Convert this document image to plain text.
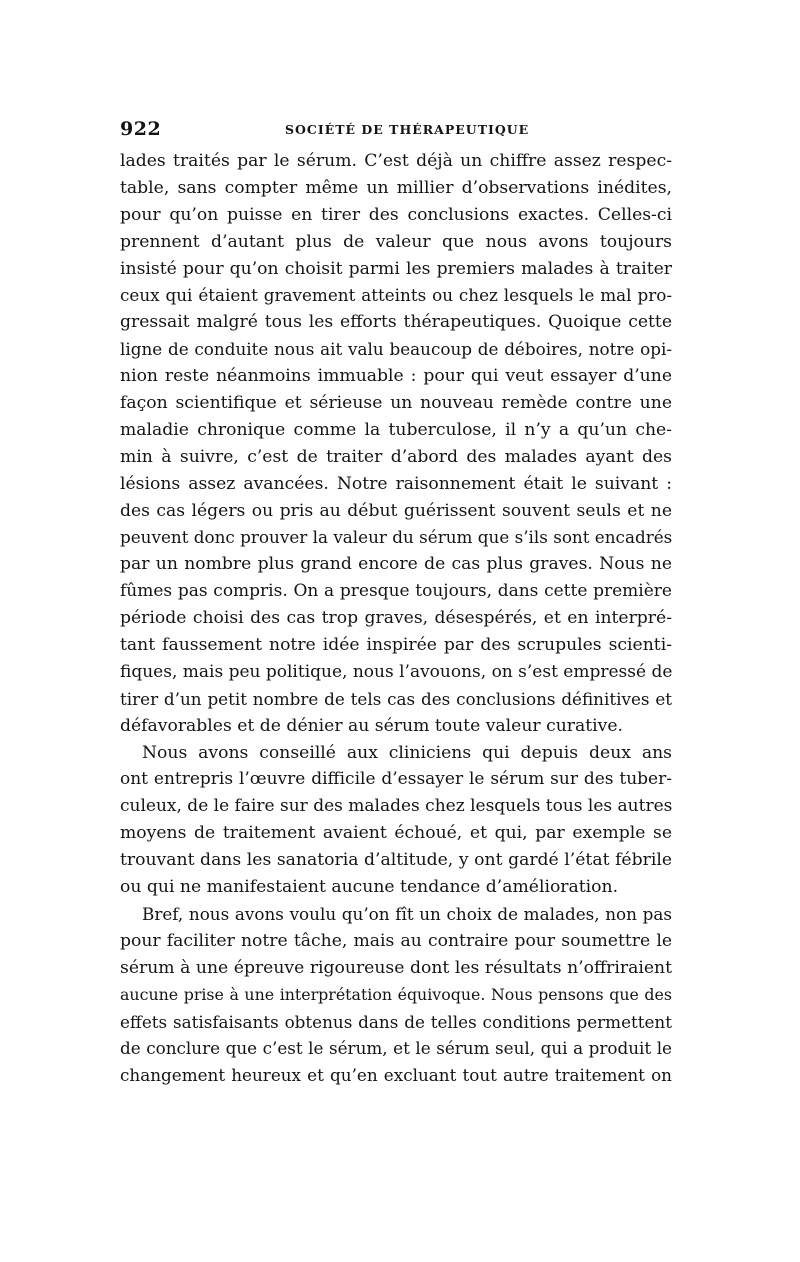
922	SOCIÉTÉ DE THÉRAPEUTIQUE
lades traités par le sérum. C’est déjà un chiffre assez respec-
table, sans compter même un millier d’observations inédites,
pour qu’on puisse en tirer des conclusions exactes. Celles-ci
prennent d’autant plus de valeur que nous avons toujours
insisté pour qu’on choisit parmi les premiers malades à traiter
ceux qui étaient gravement atteints ou chez lesquels le mal pro-
gressait malgré tous les efforts thérapeutiques. Quoique cette
ligne de conduite nous ait valu beaucoup de déboires, notre opi-
nion reste néanmoins immuable : pour qui veut essayer d’une
façon scientifique et sérieuse un nouveau remède contre une
maladie chronique comme la tuberculose, il n’y a qu’un che-
min à suivre, c’est de traiter d’abord des malades ayant des
lésions assez avancées. Notre raisonnement était le suivant :
des cas légers ou pris au début guérissent souvent seuls et ne
peuvent donc prouver la valeur du sérum que s’ils sont encadrés
par un nombre plus grand encore de cas plus graves. Nous ne
fûmes pas compris. On a presque toujours, dans cette première
période choisi des cas trop graves, désespérés, et en interpré-
tant faussement notre idée inspirée par des scrupules scienti-
fiques, mais peu politique, nous l’avouons, on s’est empressé de
tirer d’un petit nombre de tels cas des conclusions définitives et
défavorables et de dénier au sérum toute valeur curative.
Nous avons conseillé aux cliniciens qui depuis deux ans
ont entrepris l’œuvre difficile d’essayer le sérum sur des tuber-
culeux, de le faire sur des malades chez lesquels tous les autres
moyens de traitement avaient échoué, et qui, par exemple se
trouvant dans les sanatoria d’altitude, y ont gardé l’état fébrile
ou qui ne manifestaient aucune tendance d’amélioration.
Bref, nous avons voulu qu’on fît un choix de malades, non pas
pour faciliter notre tâche, mais au contraire pour soumettre le
sérum à une épreuve rigoureuse dont les résultats n’offriraient
aucune prise à une interprétation équivoque. Nous pensons que des
effets satisfaisants obtenus dans de telles conditions permettent
de conclure que c’est le sérum, et le sérum seul, qui a produit le
changement heureux et qu’en excluant tout autre traitement on
